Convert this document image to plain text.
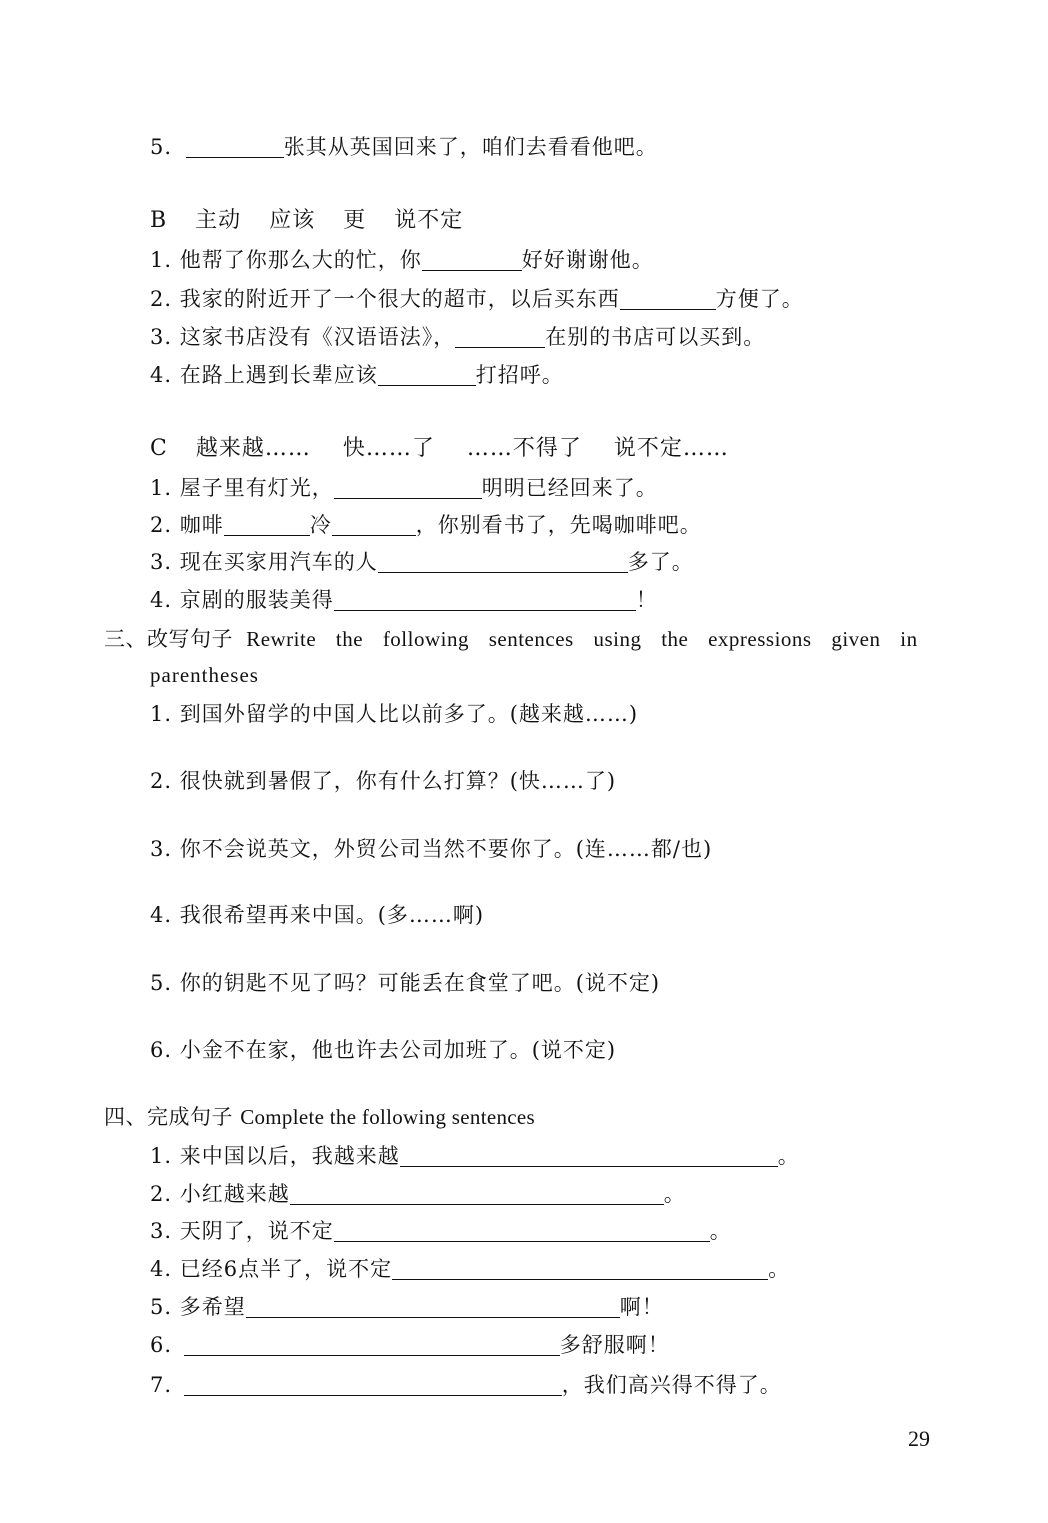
5.	张其从英国回来了，咱们去看看他吧。
B 主动 应该 更 说不定
1. 他帮了你那么大的忙，你	好好谢谢他。
2. 我家的附近开了一个很大的超市，以后买东西	方便了。
3. 这家书店没有《汉语语法》，	在别的书店可以买到。
4. 在路上遇到长辈应该	打招呼。
C 越来越…… 快……了 ……不得了 说不定……
1. 屋子里有灯光，	明明已经回来了。
2. 咖啡	冷	，你别看书了，先喝咖啡吧。
3. 现在买家用汽车的人	多了。
4. 京剧的服装美得	！
三、改写句子 Rewrite the following sentences using the expressions given in
parentheses
1. 到国外留学的中国人比以前多了。(越来越……)
2. 很快就到暑假了，你有什么打算？(快……了)
3. 你不会说英文，外贸公司当然不要你了。(连……都/也)
4. 我很希望再来中国。(多……啊)
5. 你的钥匙不见了吗？可能丢在食堂了吧。(说不定)
6. 小金不在家，他也许去公司加班了。(说不定)
四、完成句子 Complete the following sentences
1. 来中国以后，我越来越	。
2. 小红越来越	。
3. 天阴了，说不定	。
4. 已经6点半了，说不定	。
5. 多希望	啊！
6.	多舒服啊！
7.	，我们高兴得不得了。
29
